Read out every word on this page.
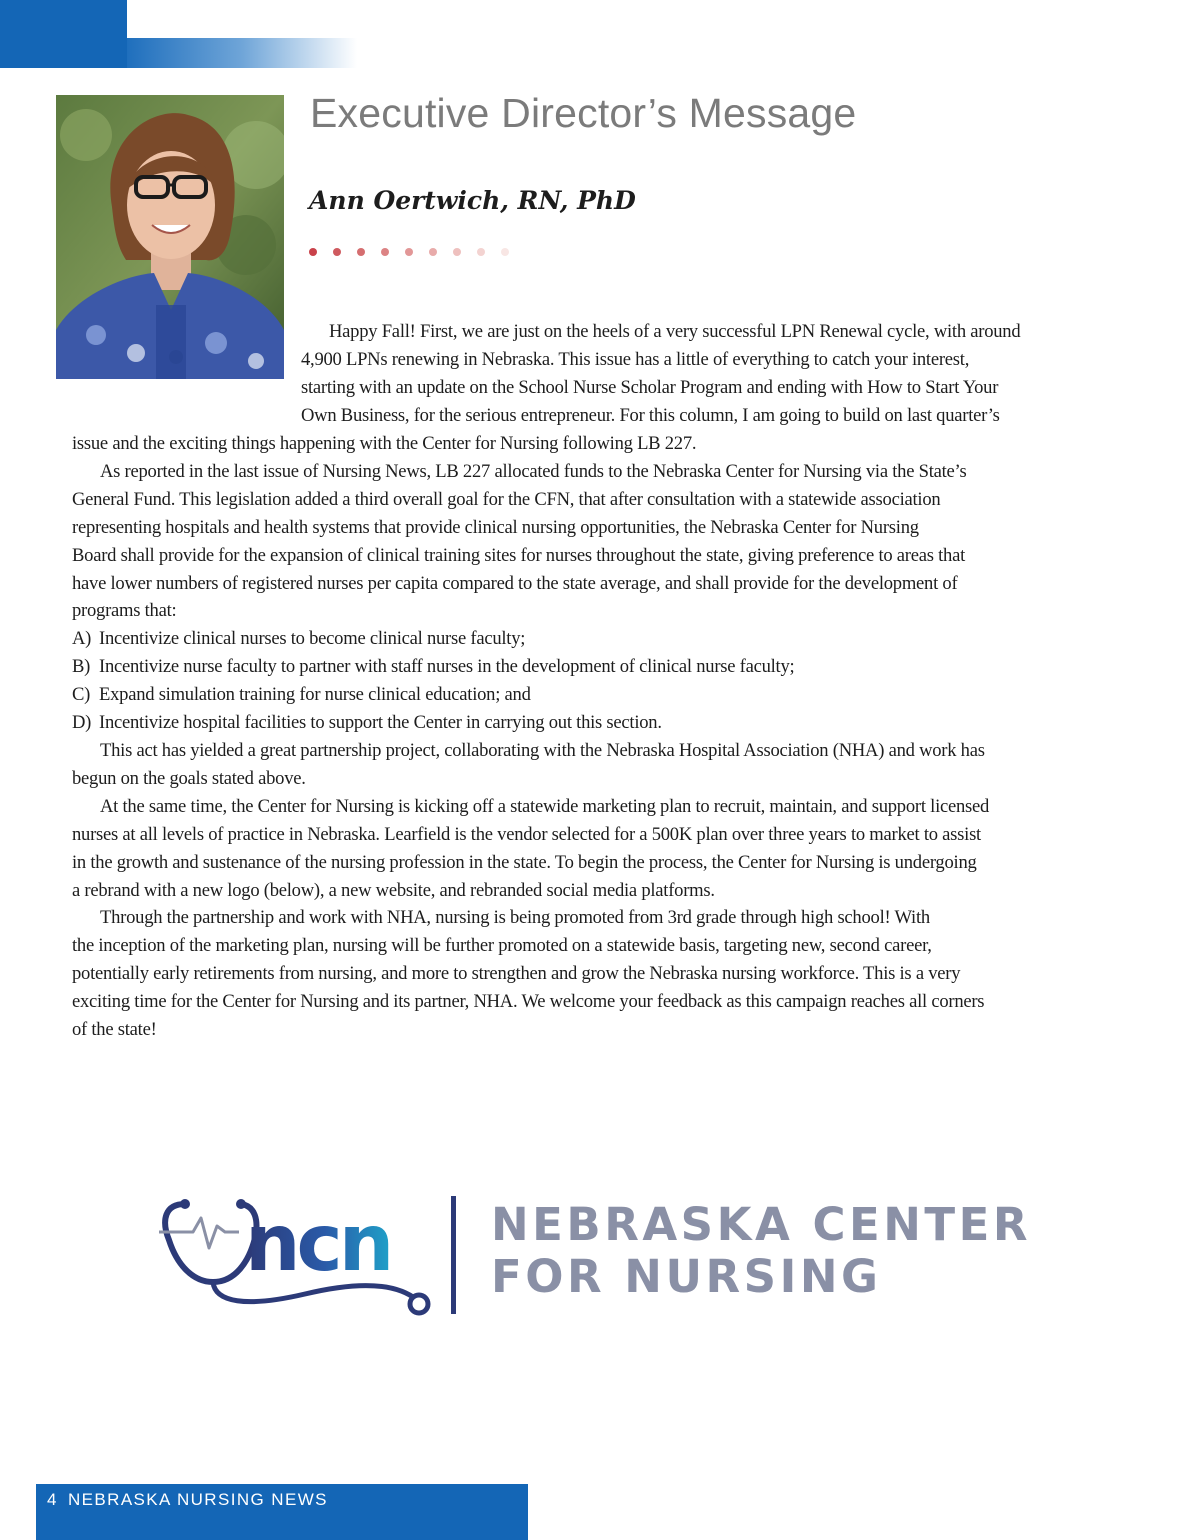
Executive Director’s Message
Ann Oertwich, RN, PhD

Happy Fall! First, we are just on the heels of a very successful LPN Renewal cycle, with around
4,900 LPNs renewing in Nebraska. This issue has a little of everything to catch your interest,
starting with an update on the School Nurse Scholar Program and ending with How to Start Your
Own Business, for the serious entrepreneur. For this column, I am going to build on last quarter’s

issue and the exciting things happening with the Center for Nursing following LB 227.

As reported in the last issue of Nursing News, LB 227 allocated funds to the Nebraska Center for Nursing via the State’s
General Fund. This legislation added a third overall goal for the CFN, that after consultation with a statewide association
representing hospitals and health systems that provide clinical nursing opportunities, the Nebraska Center for Nursing
Board shall provide for the expansion of clinical training sites for nurses throughout the state, giving preference to areas that
have lower numbers of registered nurses per capita compared to the state average, and shall provide for the development of
programs that:

A) Incentivize clinical nurses to become clinical nurse faculty;
B) Incentivize nurse faculty to partner with staff nurses in the development of clinical nurse faculty;
C) Expand simulation training for nurse clinical education; and
D) Incentivize hospital facilities to support the Center in carrying out this section.

This act has yielded a great partnership project, collaborating with the Nebraska Hospital Association (NHA) and work has
begun on the goals stated above.

At the same time, the Center for Nursing is kicking off a statewide marketing plan to recruit, maintain, and support licensed
nurses at all levels of practice in Nebraska. Learfield is the vendor selected for a 500K plan over three years to market to assist
in the growth and sustenance of the nursing profession in the state. To begin the process, the Center for Nursing is undergoing
a rebrand with a new logo (below), a new website, and rebranded social media platforms.

Through the partnership and work with NHA, nursing is being promoted from 3rd grade through high school! With
the inception of the marketing plan, nursing will be further promoted on a statewide basis, targeting new, second career,
potentially early retirements from nursing, and more to strengthen and grow the Nebraska nursing workforce. This is a very
exciting time for the Center for Nursing and its partner, NHA. We welcome your feedback as this campaign reaches all corners
of the state!

ncn NEBRASKA CENTER

FOR NURSING

4 NEBRASKA NURSING NEWS
